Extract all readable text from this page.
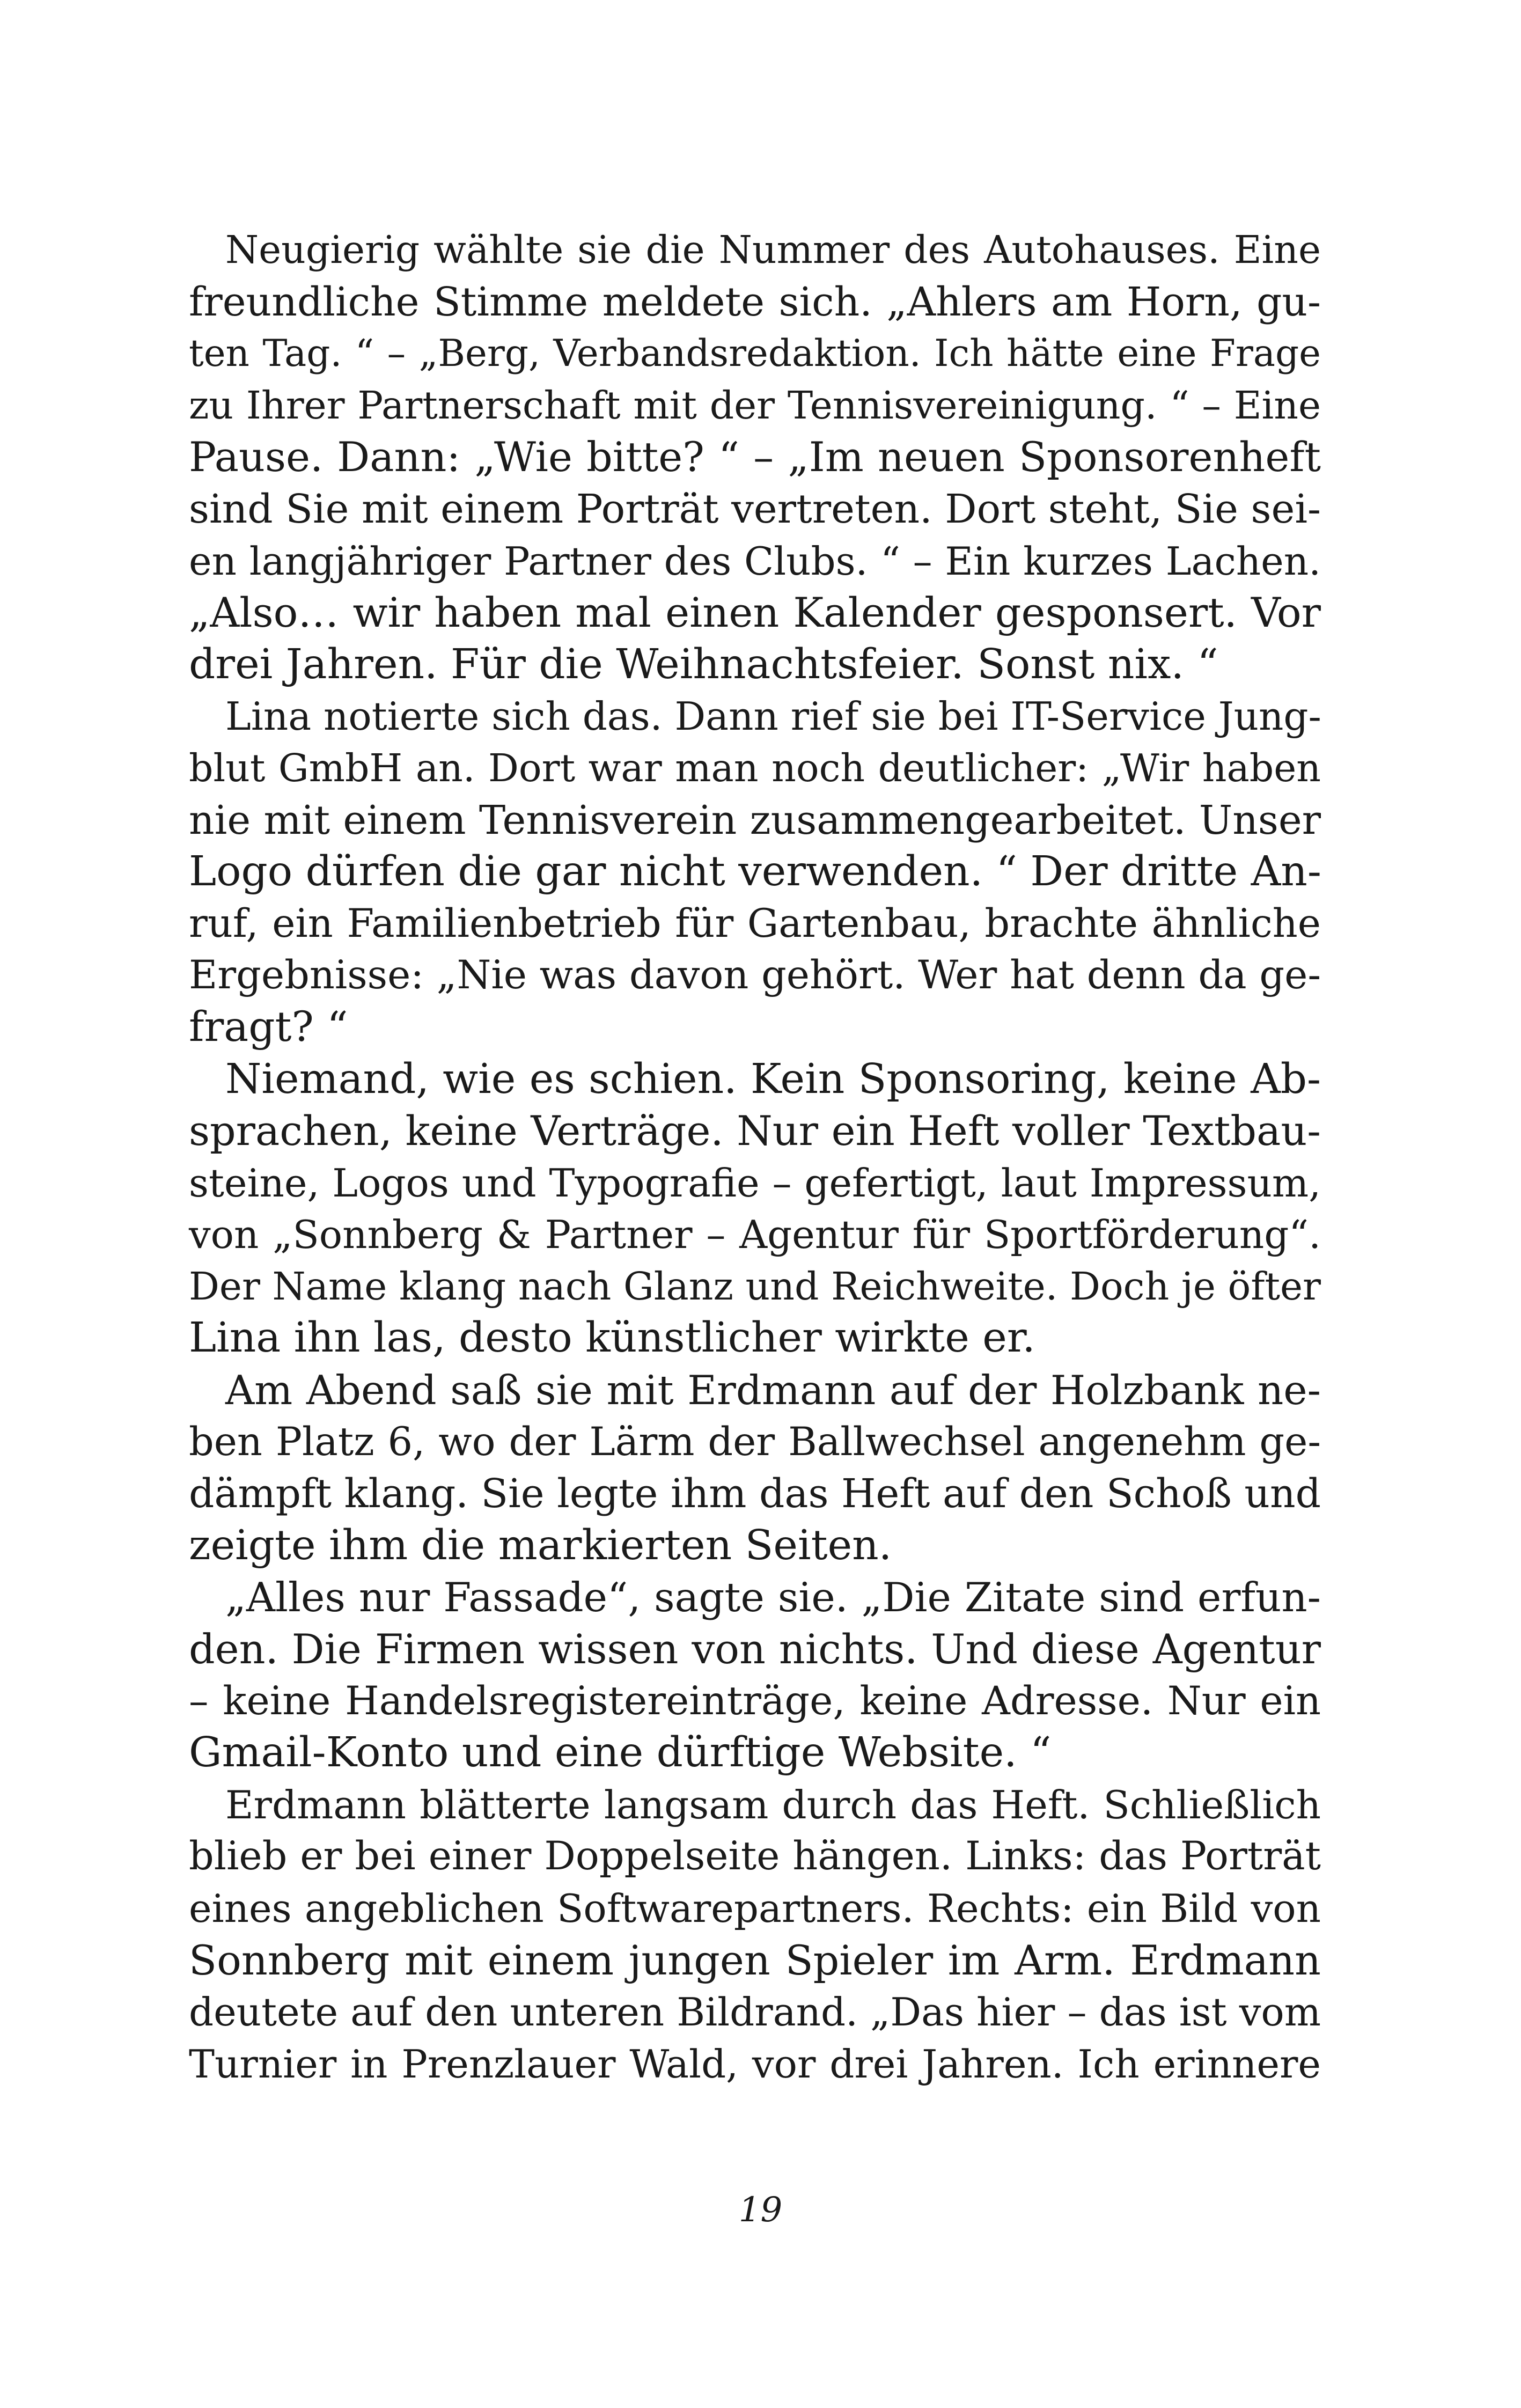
Neugierig wählte sie die Nummer des Autohauses. Eine
freundliche Stimme meldete sich. „Ahlers am Horn, gu-
ten Tag. “ – „Berg, Verbandsredaktion. Ich hätte eine Frage
zu Ihrer Partnerschaft mit der Tennisvereinigung. “ – Eine
Pause. Dann: „Wie bitte? “ – „Im neuen Sponsorenheft
sind Sie mit einem Porträt vertreten. Dort steht, Sie sei-
en langjähriger Partner des Clubs. “ – Ein kurzes Lachen.
„Also… wir haben mal einen Kalender gesponsert. Vor
drei Jahren. Für die Weihnachtsfeier. Sonst nix. “
Lina notierte sich das. Dann rief sie bei IT-Service Jung-
blut GmbH an. Dort war man noch deutlicher: „Wir haben
nie mit einem Tennisverein zusammengearbeitet. Unser
Logo dürfen die gar nicht verwenden. “ Der dritte An-
ruf, ein Familienbetrieb für Gartenbau, brachte ähnliche
Ergebnisse: „Nie was davon gehört. Wer hat denn da ge-
fragt? “
Niemand, wie es schien. Kein Sponsoring, keine Ab-
sprachen, keine Verträge. Nur ein Heft voller Textbau-
steine, Logos und Typografie – gefertigt, laut Impressum,
von „Sonnberg & Partner – Agentur für Sportförderung“.
Der Name klang nach Glanz und Reichweite. Doch je öfter
Lina ihn las, desto künstlicher wirkte er.
Am Abend saß sie mit Erdmann auf der Holzbank ne-
ben Platz 6, wo der Lärm der Ballwechsel angenehm ge-
dämpft klang. Sie legte ihm das Heft auf den Schoß und
zeigte ihm die markierten Seiten.
„Alles nur Fassade“, sagte sie. „Die Zitate sind erfun-
den. Die Firmen wissen von nichts. Und diese Agentur
– keine Handelsregistereinträge, keine Adresse. Nur ein
Gmail-Konto und eine dürftige Website. “
Erdmann blätterte langsam durch das Heft. Schließlich
blieb er bei einer Doppelseite hängen. Links: das Porträt
eines angeblichen Softwarepartners. Rechts: ein Bild von
Sonnberg mit einem jungen Spieler im Arm. Erdmann
deutete auf den unteren Bildrand. „Das hier – das ist vom
Turnier in Prenzlauer Wald, vor drei Jahren. Ich erinnere
19
